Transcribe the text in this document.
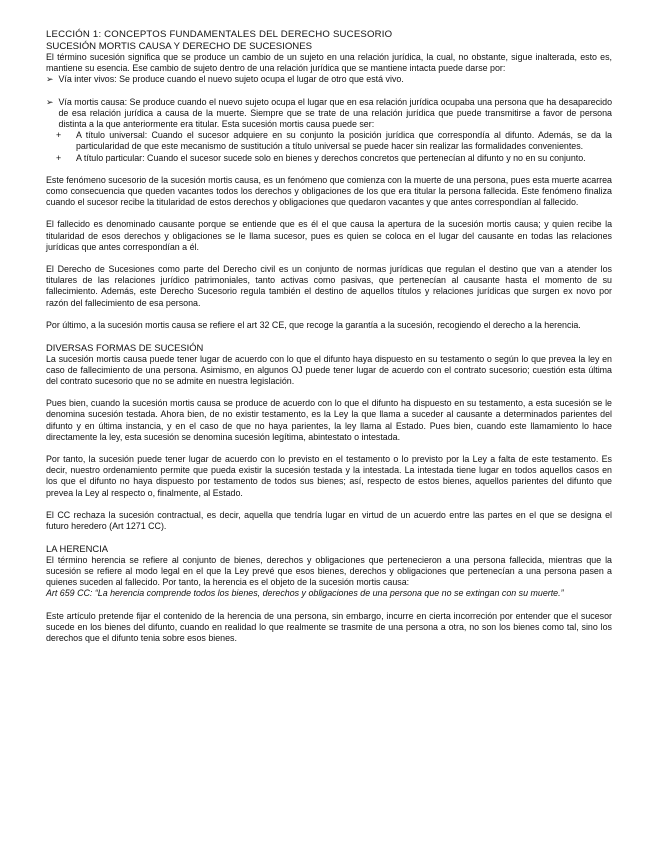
LECCIÓN 1: CONCEPTOS FUNDAMENTALES DEL DERECHO SUCESORIO

SUCESIÓN MORTIS CAUSA Y DERECHO DE SUCESIONES

El término sucesión significa que se produce un cambio de un sujeto en una relación jurídica, la cual, no obstante, sigue inalterada, esto es, mantiene su esencia. Ese cambio de sujeto dentro de una relación jurídica que se mantiene intacta puede darse por:

➢ Vía inter vivos: Se produce cuando el nuevo sujeto ocupa el lugar de otro que está vivo.
➢ Vía mortis causa: Se produce cuando el nuevo sujeto ocupa el lugar que en esa relación jurídica ocupaba una persona que ha desaparecido de esa relación jurídica a causa de la muerte. Siempre que se trate de una relación jurídica que puede transmitirse a favor de persona distinta a la que anteriormente era titular. Esta sucesión mortis causa puede ser:
+	A título universal: Cuando el sucesor adquiere en su conjunto la posición jurídica que correspondía al difunto. Además, se da la particularidad de que este mecanismo de sustitución a título universal se puede hacer sin realizar las formalidades convenientes.
+	A título particular: Cuando el sucesor sucede solo en bienes y derechos concretos que pertenecían al difunto y no en su conjunto.

Este fenómeno sucesorio de la sucesión mortis causa, es un fenómeno que comienza con la muerte de una persona, pues esta muerte acarrea como consecuencia que queden vacantes todos los derechos y obligaciones de los que era titular la persona fallecida. Este fenómeno finaliza cuando el sucesor recibe la titularidad de estos derechos y obligaciones que quedaron vacantes y que antes correspondían al fallecido.

El fallecido es denominado causante porque se entiende que es él el que causa la apertura de la sucesión mortis causa; y quien recibe la titularidad de esos derechos y obligaciones se le llama sucesor, pues es quien se coloca en el lugar del causante en todas las relaciones jurídicas que antes correspondían a él.

El Derecho de Sucesiones como parte del Derecho civil es un conjunto de normas jurídicas que regulan el destino que van a atender los titulares de las relaciones jurídico patrimoniales, tanto activas como pasivas, que pertenecían al causante hasta el momento de su fallecimiento. Además, este Derecho Sucesorio regula también el destino de aquellos títulos y relaciones jurídicas que surgen ex novo por razón del fallecimiento de esa persona.

Por último, a la sucesión mortis causa se refiere el art 32 CE, que recoge la garantía a la sucesión, recogiendo el derecho a la herencia.

DIVERSAS FORMAS DE SUCESIÓN

La sucesión mortis causa puede tener lugar de acuerdo con lo que el difunto haya dispuesto en su testamento o según lo que prevea la ley en caso de fallecimiento de una persona. Asimismo, en algunos OJ puede tener lugar de acuerdo con el contrato sucesorio; cuestión esta última del contrato sucesorio que no se admite en nuestra legislación.

Pues bien, cuando la sucesión mortis causa se produce de acuerdo con lo que el difunto ha dispuesto en su testamento, a esta sucesión se le denomina sucesión testada. Ahora bien, de no existir testamento, es la Ley la que llama a suceder al causante a determinados parientes del difunto y en última instancia, y en el caso de que no haya parientes, la ley llama al Estado. Pues bien, cuando este llamamiento lo hace directamente la ley, esta sucesión se denomina sucesión legítima, abintestato o intestada.

Por tanto, la sucesión puede tener lugar de acuerdo con lo previsto en el testamento o lo previsto por la Ley a falta de este testamento. Es decir, nuestro ordenamiento permite que pueda existir la sucesión testada y la intestada. La intestada tiene lugar en todos aquellos casos en los que el difunto no haya dispuesto por testamento de todos sus bienes; así, respecto de estos bienes, aquellos parientes del difunto que prevea la Ley al respecto o, finalmente, al Estado.

El CC rechaza la sucesión contractual, es decir, aquella que tendría lugar en virtud de un acuerdo entre las partes en el que se designa el futuro heredero (Art 1271 CC).

LA HERENCIA

El término herencia se refiere al conjunto de bienes, derechos y obligaciones que pertenecieron a una persona fallecida, mientras que la sucesión se refiere al modo legal en el que la Ley prevé que esos bienes, derechos y obligaciones que pertenecían a una persona pasen a quienes suceden al fallecido. Por tanto, la herencia es el objeto de la sucesión mortis causa:

Art 659 CC: “La herencia comprende todos los bienes, derechos y obligaciones de una persona que no se extingan con su muerte.”

Este artículo pretende fijar el contenido de la herencia de una persona, sin embargo, incurre en cierta incorreción por entender que el sucesor sucede en los bienes del difunto, cuando en realidad lo que realmente se trasmite de una persona a otra, no son los bienes como tal, sino los derechos que el difunto tenia sobre esos bienes.
